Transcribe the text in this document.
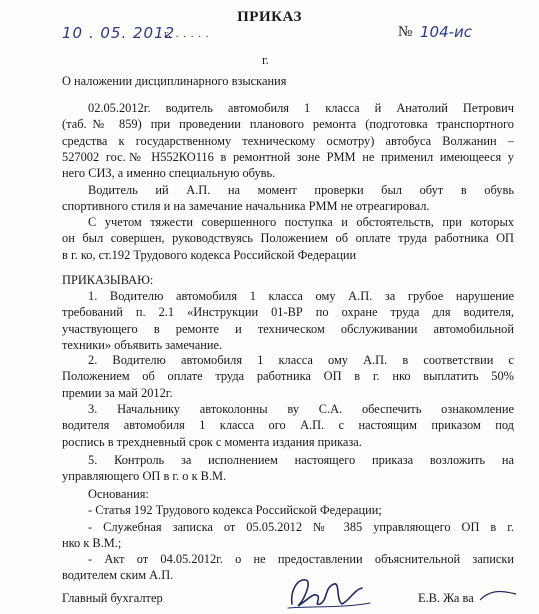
ПРИКАЗ
10 . 05. 2012
г. . . . . .	№ 104-ис
г.
О наложении дисциплинарного взыскания
02.05.2012г. водитель автомобиля 1 класса й Анатолий Петрович
(таб.№ 859) при проведении планового ремонта (подготовка транспортного
средства к государственному техническому осмотру) автобуса Волжанин –
527002 гос.№ Н552КО116 в ремонтной зоне РММ не применил имеющееся у
него СИЗ, а именно специальную обувь.
Водитель ий А.П. на момент проверки был обут в обувь
спортивного стиля и на замечание начальника РММ не отреагировал.
С учетом тяжести совершенного поступка и обстоятельств, при которых
он был совершен, руководствуясь Положением об оплате труда работника ОП
в г. ко, ст.192 Трудового кодекса Российской Федерации
ПРИКАЗЫВАЮ:
1. Водителю автомобиля 1 класса ому А.П. за грубое нарушение
требований п. 2.1 «Инструкции 01-ВР по охране труда для водителя,
участвующего в ремонте и техническом обслуживании автомобильной
техники» объявить замечание.
2. Водителю автомобиля 1 класса ому А.П. в соответствии с
Положением об оплате труда работника ОП в г. нко выплатить 50%
премии за май 2012г.
3. Начальнику автоколонны ву С.А. обеспечить ознакомление
водителя автомобиля 1 класса ого А.П. с настоящим приказом под
роспись в трехдневный срок с момента издания приказа.
5. Контроль за исполнением настоящего приказа возложить на
управляющего ОП в г. о к В.М.
Основания:
- Статья 192 Трудового кодекса Российской Федерации;
- Служебная записка от 05.05.2012 № 385 управляющего ОП в г.
нко к В.М.;
- Акт от 04.05.2012г. о не предоставлении объяснительной записки
водителем ским А.П.
Главный бухгалтер	Е.В. Жа ва
